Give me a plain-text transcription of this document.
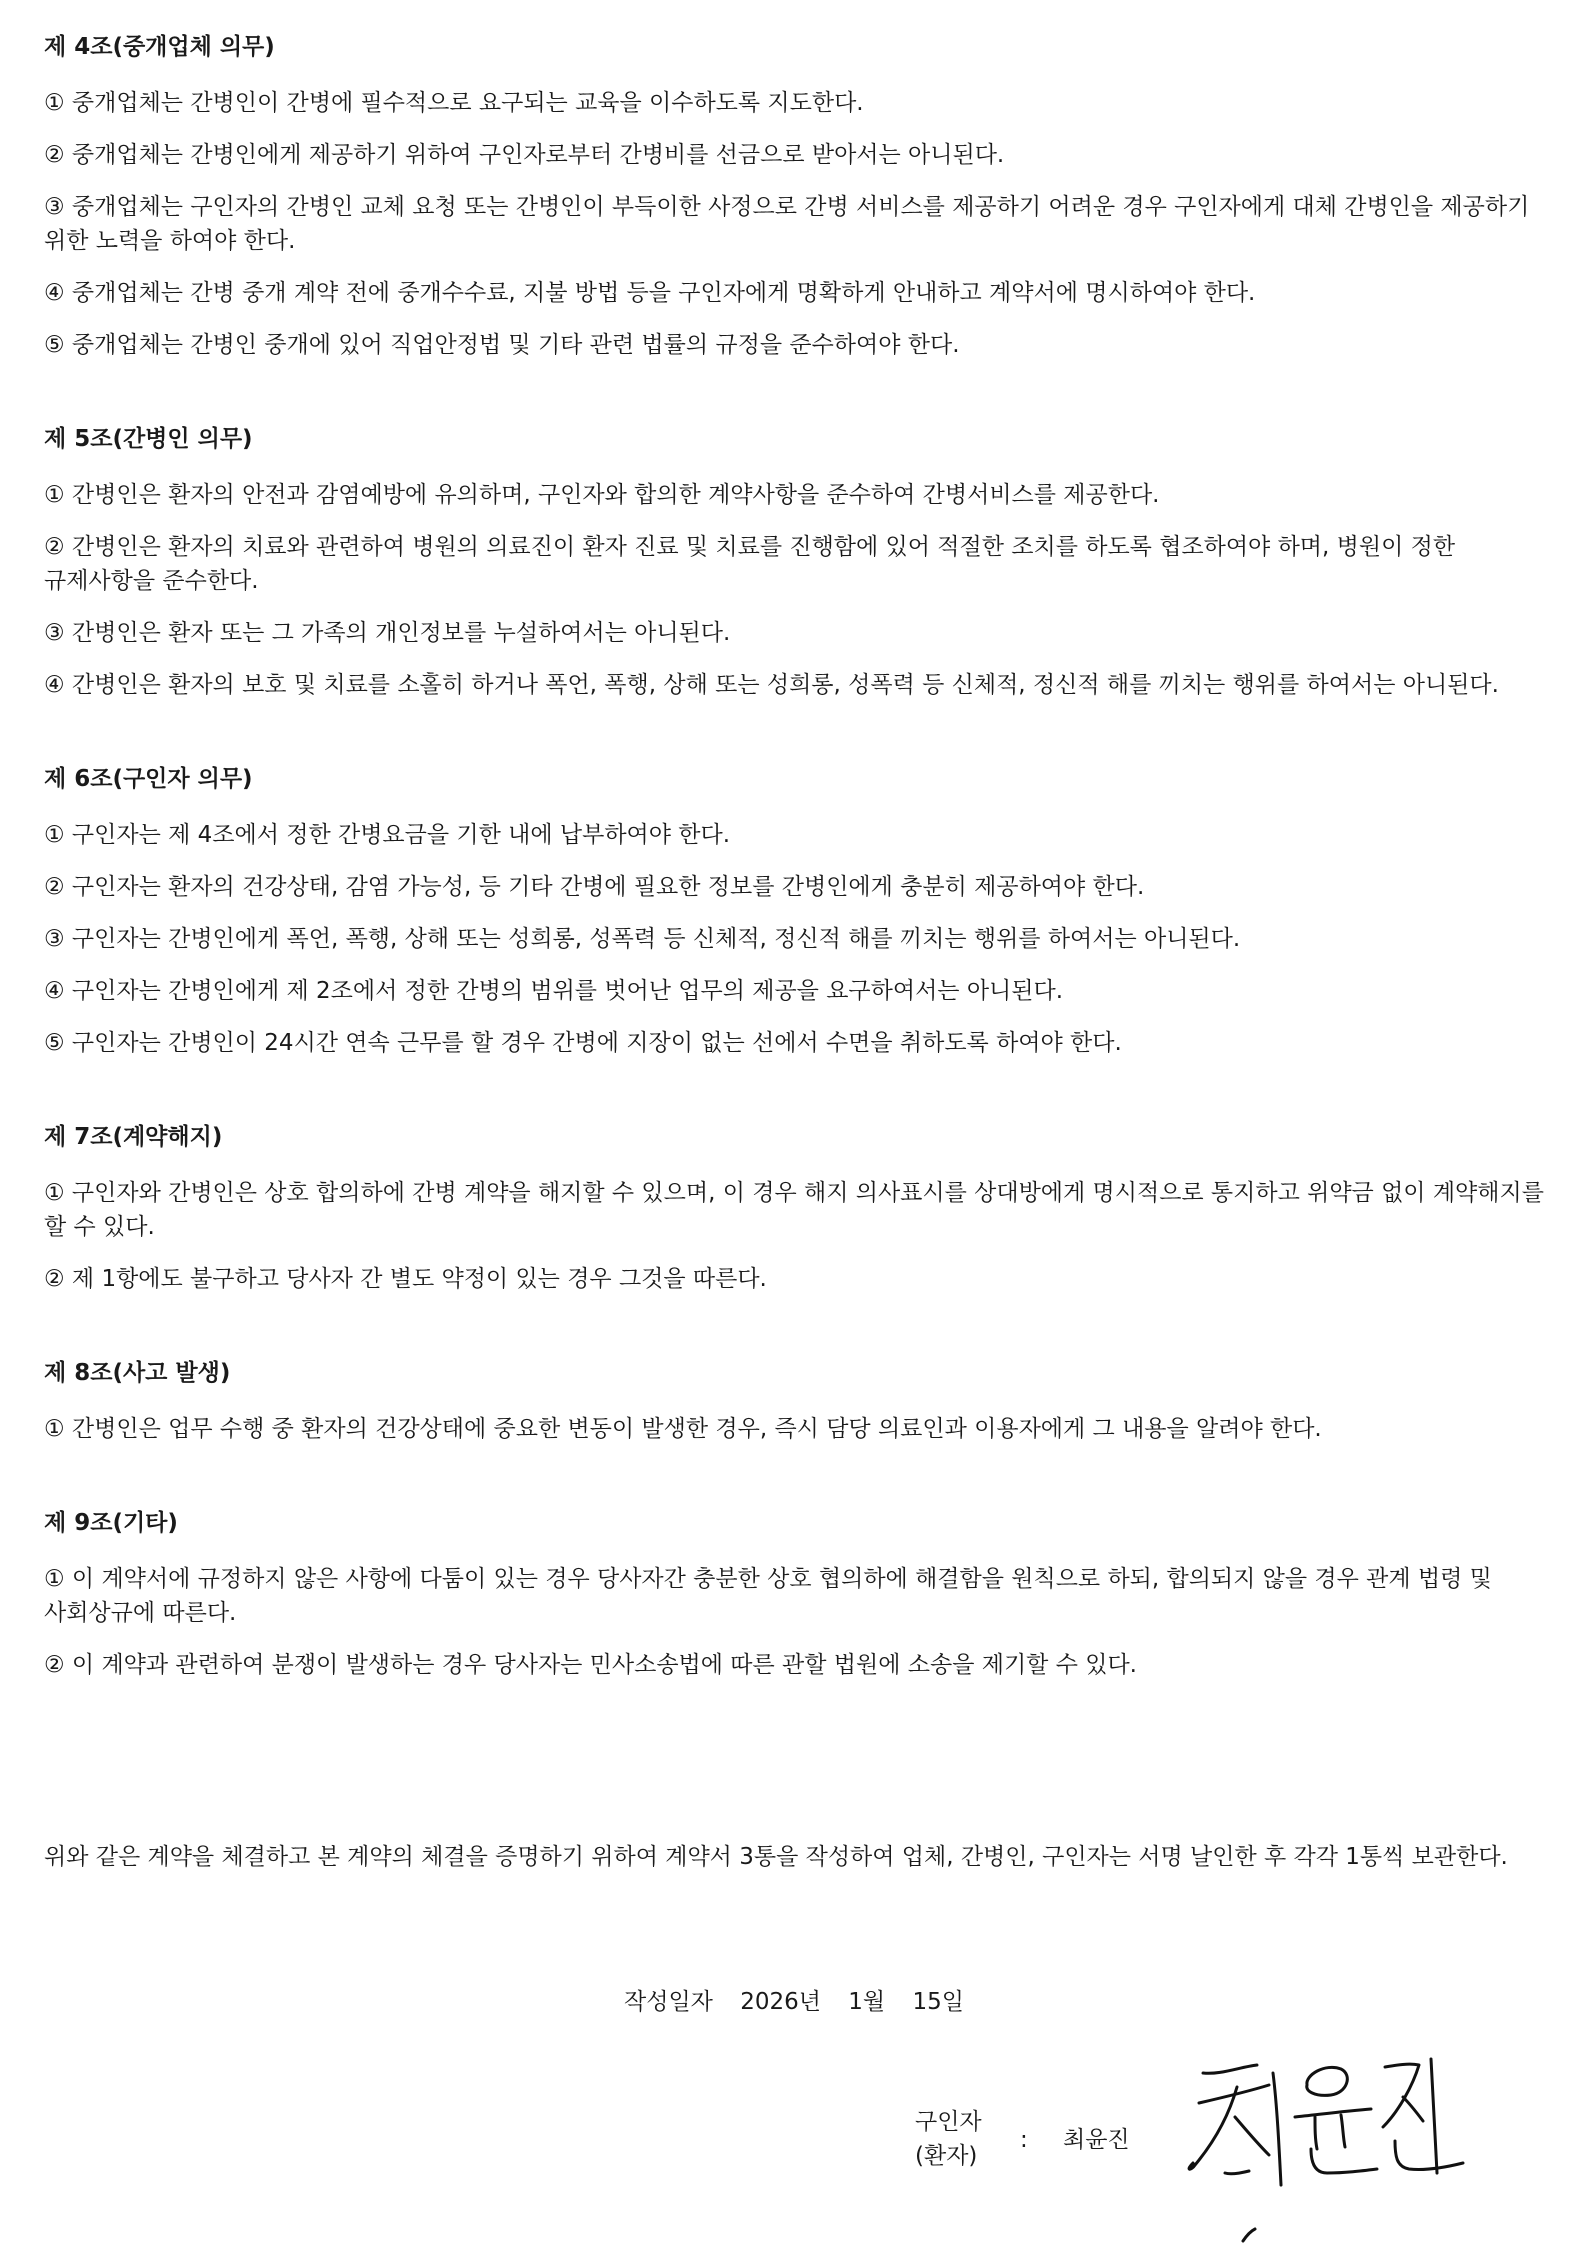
제 4조(중개업체 의무)
① 중개업체는 간병인이 간병에 필수적으로 요구되는 교육을 이수하도록 지도한다.
② 중개업체는 간병인에게 제공하기 위하여 구인자로부터 간병비를 선금으로 받아서는 아니된다.
③ 중개업체는 구인자의 간병인 교체 요청 또는 간병인이 부득이한 사정으로 간병 서비스를 제공하기 어려운 경우 구인자에게 대체 간병인을 제공하기 위한 노력을 하여야 한다.
④ 중개업체는 간병 중개 계약 전에 중개수수료, 지불 방법 등을 구인자에게 명확하게 안내하고 계약서에 명시하여야 한다.
⑤ 중개업체는 간병인 중개에 있어 직업안정법 및 기타 관련 법률의 규정을 준수하여야 한다.
제 5조(간병인 의무)
① 간병인은 환자의 안전과 감염예방에 유의하며, 구인자와 합의한 계약사항을 준수하여 간병서비스를 제공한다.
② 간병인은 환자의 치료와 관련하여 병원의 의료진이 환자 진료 및 치료를 진행함에 있어 적절한 조치를 하도록 협조하여야 하며, 병원이 정한 규제사항을 준수한다.
③ 간병인은 환자 또는 그 가족의 개인정보를 누설하여서는 아니된다.
④ 간병인은 환자의 보호 및 치료를 소홀히 하거나 폭언, 폭행, 상해 또는 성희롱, 성폭력 등 신체적, 정신적 해를 끼치는 행위를 하여서는 아니된다.
제 6조(구인자 의무)
① 구인자는 제 4조에서 정한 간병요금을 기한 내에 납부하여야 한다.
② 구인자는 환자의 건강상태, 감염 가능성, 등 기타 간병에 필요한 정보를 간병인에게 충분히 제공하여야 한다.
③ 구인자는 간병인에게 폭언, 폭행, 상해 또는 성희롱, 성폭력 등 신체적, 정신적 해를 끼치는 행위를 하여서는 아니된다.
④ 구인자는 간병인에게 제 2조에서 정한 간병의 범위를 벗어난 업무의 제공을 요구하여서는 아니된다.
⑤ 구인자는 간병인이 24시간 연속 근무를 할 경우 간병에 지장이 없는 선에서 수면을 취하도록 하여야 한다.
제 7조(계약해지)
① 구인자와 간병인은 상호 합의하에 간병 계약을 해지할 수 있으며, 이 경우 해지 의사표시를 상대방에게 명시적으로 통지하고 위약금 없이 계약해지를 할 수 있다.
② 제 1항에도 불구하고 당사자 간 별도 약정이 있는 경우 그것을 따른다.
제 8조(사고 발생)
① 간병인은 업무 수행 중 환자의 건강상태에 중요한 변동이 발생한 경우, 즉시 담당 의료인과 이용자에게 그 내용을 알려야 한다.
제 9조(기타)
① 이 계약서에 규정하지 않은 사항에 다툼이 있는 경우 당사자간 충분한 상호 협의하에 해결함을 원칙으로 하되, 합의되지 않을 경우 관계 법령 및 사회상규에 따른다.
② 이 계약과 관련하여 분쟁이 발생하는 경우 당사자는 민사소송법에 따른 관할 법원에 소송을 제기할 수 있다.
위와 같은 계약을 체결하고 본 계약의 체결을 증명하기 위하여 계약서 3통을 작성하여 업체, 간병인, 구인자는 서명 날인한 후 각각 1통씩 보관한다.
작성일자 2026년 1월 15일
구인자
(환자)
: 최윤진
